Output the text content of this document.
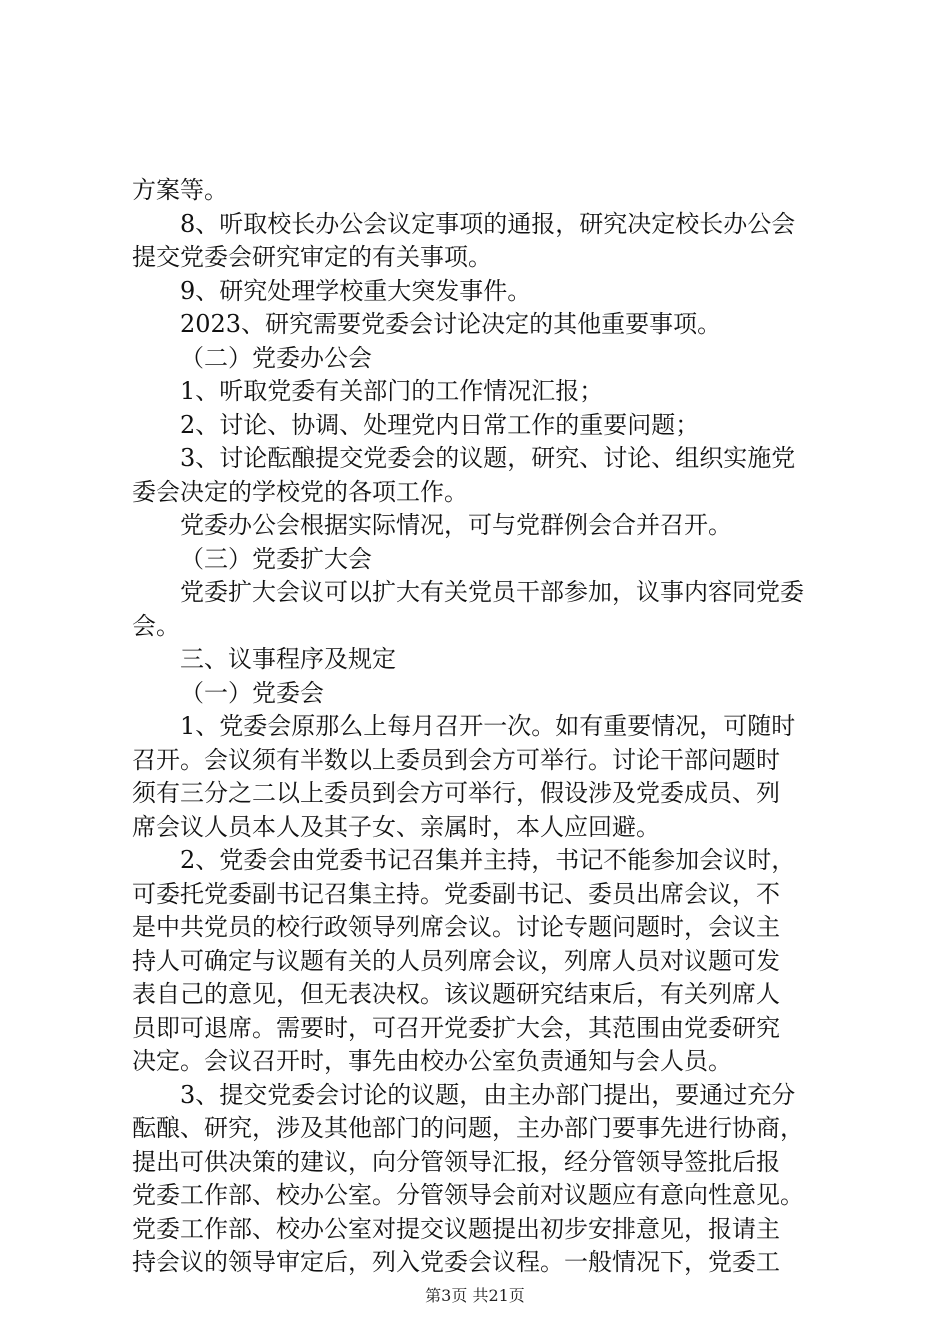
方案等。
8、听取校长办公会议定事项的通报，研究决定校长办公会
提交党委会研究审定的有关事项。
9、研究处理学校重大突发事件。
2023、研究需要党委会讨论决定的其他重要事项。
（二）党委办公会
1、听取党委有关部门的工作情况汇报；
2、讨论、协调、处理党内日常工作的重要问题；
3、讨论酝酿提交党委会的议题，研究、讨论、组织实施党
委会决定的学校党的各项工作。
党委办公会根据实际情况，可与党群例会合并召开。
（三）党委扩大会
党委扩大会议可以扩大有关党员干部参加，议事内容同党委
会。
三、议事程序及规定
（一）党委会
1、党委会原那么上每月召开一次。如有重要情况，可随时
召开。会议须有半数以上委员到会方可举行。讨论干部问题时
须有三分之二以上委员到会方可举行，假设涉及党委成员、列
席会议人员本人及其子女、亲属时，本人应回避。
2、党委会由党委书记召集并主持，书记不能参加会议时，
可委托党委副书记召集主持。党委副书记、委员出席会议，不
是中共党员的校行政领导列席会议。讨论专题问题时，会议主
持人可确定与议题有关的人员列席会议，列席人员对议题可发
表自己的意见，但无表决权。该议题研究结束后，有关列席人
员即可退席。需要时，可召开党委扩大会，其范围由党委研究
决定。会议召开时，事先由校办公室负责通知与会人员。
3、提交党委会讨论的议题，由主办部门提出，要通过充分
酝酿、研究，涉及其他部门的问题，主办部门要事先进行协商，
提出可供决策的建议，向分管领导汇报，经分管领导签批后报
党委工作部、校办公室。分管领导会前对议题应有意向性意见。
党委工作部、校办公室对提交议题提出初步安排意见，报请主
持会议的领导审定后，列入党委会议程。一般情况下，党委工
第3页 共21页
